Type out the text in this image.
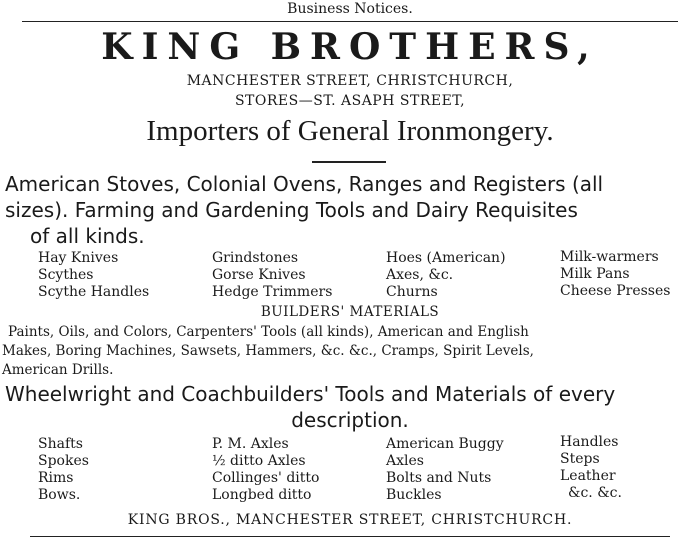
Business Notices.
KING BROTHERS,
MANCHESTER STREET, CHRISTCHURCH,
STORES—ST. ASAPH STREET,
Importers of General Ironmongery.
American Stoves, Colonial Ovens, Ranges and Registers (all
sizes). Farming and Gardening Tools and Dairy Requisites
of all kinds.
Hay Knives
Scythes
Scythe Handles
Grindstones
Gorse Knives
Hedge Trimmers
Hoes (American)
Axes, &c.
Churns
Milk-warmers
Milk Pans
Cheese Presses
BUILDERS' MATERIALS
Paints, Oils, and Colors, Carpenters' Tools (all kinds), American and English
Makes, Boring Machines, Sawsets, Hammers, &c. &c., Cramps, Spirit Levels,
American Drills.
Wheelwright and Coachbuilders' Tools and Materials of every
description.
Shafts
Spokes
Rims
Bows.
P. M. Axles
½ ditto Axles
Collinges' ditto
Longbed ditto
American Buggy
Axles
Bolts and Nuts
Buckles
Handles
Steps
Leather
&c. &c.
KING BROS., MANCHESTER STREET, CHRISTCHURCH.
